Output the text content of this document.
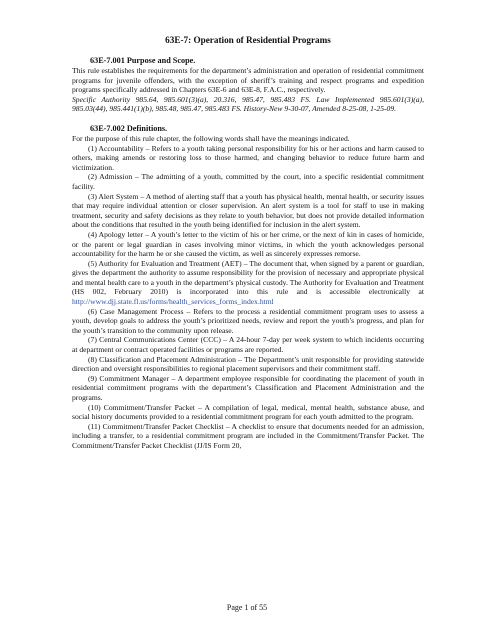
63E-7: Operation of Residential Programs
63E-7.001 Purpose and Scope.

This rule establishes the requirements for the department’s administration and operation of residential commitment programs for juvenile offenders, with the exception of sheriff’s training and respect programs and expedition programs specifically addressed in Chapters 63E-6 and 63E-8, F.A.C., respectively.

Specific Authority 985.64, 985.601(3)(a), 20.316, 985.47, 985.483 FS. Law Implemented 985.601(3)(a), 985.03(44), 985.441(1)(b), 985.48, 985.47, 985.483 FS. History-New 9-30-07, Amended 8-25-08, 1-25-09.

63E-7.002 Definitions.

For the purpose of this rule chapter, the following words shall have the meanings indicated.

(1) Accountability – Refers to a youth taking personal responsibility for his or her actions and harm caused to others, making amends or restoring loss to those harmed, and changing behavior to reduce future harm and victimization.

(2) Admission – The admitting of a youth, committed by the court, into a specific residential commitment facility.

(3) Alert System – A method of alerting staff that a youth has physical health, mental health, or security issues that may require individual attention or closer supervision. An alert system is a tool for staff to use in making treatment, security and safety decisions as they relate to youth behavior, but does not provide detailed information about the conditions that resulted in the youth being identified for inclusion in the alert system.

(4) Apology letter – A youth’s letter to the victim of his or her crime, or the next of kin in cases of homicide, or the parent or legal guardian in cases involving minor victims, in which the youth acknowledges personal accountability for the harm he or she caused the victim, as well as sincerely expresses remorse.

(5) Authority for Evaluation and Treatment (AET) – The document that, when signed by a parent or guardian, gives the department the authority to assume responsibility for the provision of necessary and appropriate physical and mental health care to a youth in the department’s physical custody. The Authority for Evaluation and Treatment (HS 002, February 2010) is incorporated into this rule and is accessible electronically at http://www.djj.state.fl.us/forms/health_services_forms_index.html

(6) Case Management Process – Refers to the process a residential commitment program uses to assess a youth, develop goals to address the youth’s prioritized needs, review and report the youth’s progress, and plan for the youth’s transition to the community upon release.

(7) Central Communications Center (CCC) – A 24-hour 7-day per week system to which incidents occurring at department or contract operated facilities or programs are reported.

(8) Classification and Placement Administration – The Department’s unit responsible for providing statewide direction and oversight responsibilities to regional placement supervisors and their commitment staff.

(9) Commitment Manager – A department employee responsible for coordinating the placement of youth in residential commitment programs with the department’s Classification and Placement Administration and the programs.

(10) Commitment/Transfer Packet – A compilation of legal, medical, mental health, substance abuse, and social history documents provided to a residential commitment program for each youth admitted to the program.

(11) Commitment/Transfer Packet Checklist – A checklist to ensure that documents needed for an admission, including a transfer, to a residential commitment program are included in the Commitment/Transfer Packet. The Commitment/Transfer Packet Checklist (JJ/IS Form 20,

Page 1 of 55
